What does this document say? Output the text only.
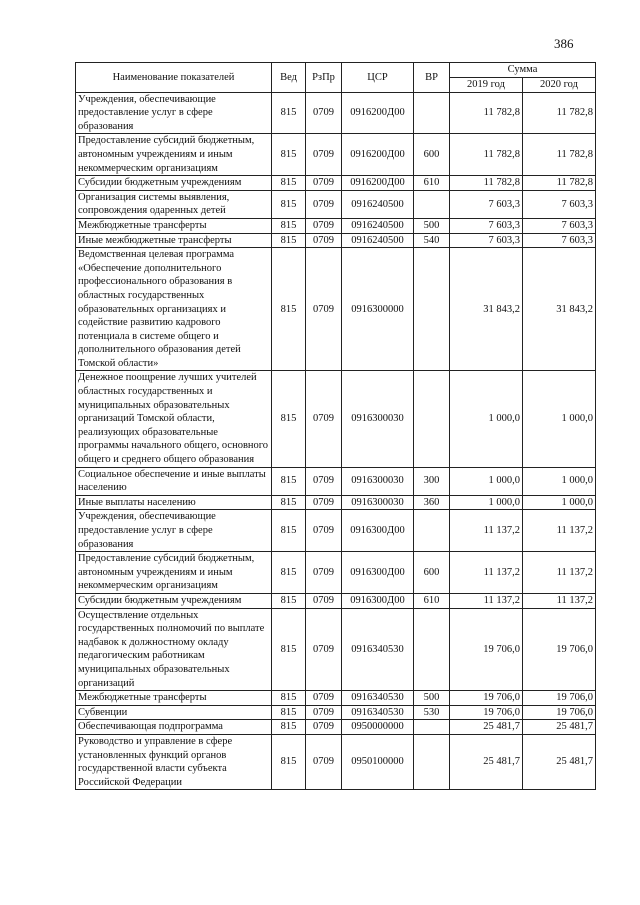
386
Наименование показателей	Вед	РзПр	ЦСР	ВР	Сумма	
					2019 год	2020 год
Учреждения, обеспечивающие предоставление услуг в сфере образования	815	0709	0916200Д00		11 782,8	11 782,8
Предоставление субсидий бюджетным, автономным учреждениям и иным некоммерческим организациям	815	0709	0916200Д00	600	11 782,8	11 782,8
Субсидии бюджетным учреждениям	815	0709	0916200Д00	610	11 782,8	11 782,8
Организация системы выявления, сопровождения одаренных детей	815	0709	0916240500		7 603,3	7 603,3
Межбюджетные трансферты	815	0709	0916240500	500	7 603,3	7 603,3
Иные межбюджетные трансферты	815	0709	0916240500	540	7 603,3	7 603,3
Ведомственная целевая программа «Обеспечение дополнительного профессионального образования в областных государственных образовательных организациях и содействие развитию кадрового потенциала в системе общего и дополнительного образования детей Томской области»	815	0709	0916300000		31 843,2	31 843,2
Денежное поощрение лучших учителей областных государственных и муниципальных образовательных организаций Томской области, реализующих образовательные программы начального общего, основного общего и среднего общего образования	815	0709	0916300030		1 000,0	1 000,0
Социальное обеспечение и иные выплаты населению	815	0709	0916300030	300	1 000,0	1 000,0
Иные выплаты населению	815	0709	0916300030	360	1 000,0	1 000,0
Учреждения, обеспечивающие предоставление услуг в сфере образования	815	0709	0916300Д00		11 137,2	11 137,2
Предоставление субсидий бюджетным, автономным учреждениям и иным некоммерческим организациям	815	0709	0916300Д00	600	11 137,2	11 137,2
Субсидии бюджетным учреждениям	815	0709	0916300Д00	610	11 137,2	11 137,2
Осуществление отдельных государственных полномочий по выплате надбавок к должностному окладу педагогическим работникам муниципальных образовательных организаций	815	0709	0916340530		19 706,0	19 706,0
Межбюджетные трансферты	815	0709	0916340530	500	19 706,0	19 706,0
Субвенции	815	0709	0916340530	530	19 706,0	19 706,0
Обеспечивающая подпрограмма	815	0709	0950000000		25 481,7	25 481,7
Руководство и управление в сфере установленных функций органов государственной власти субъекта Российской Федерации	815	0709	0950100000		25 481,7	25 481,7
